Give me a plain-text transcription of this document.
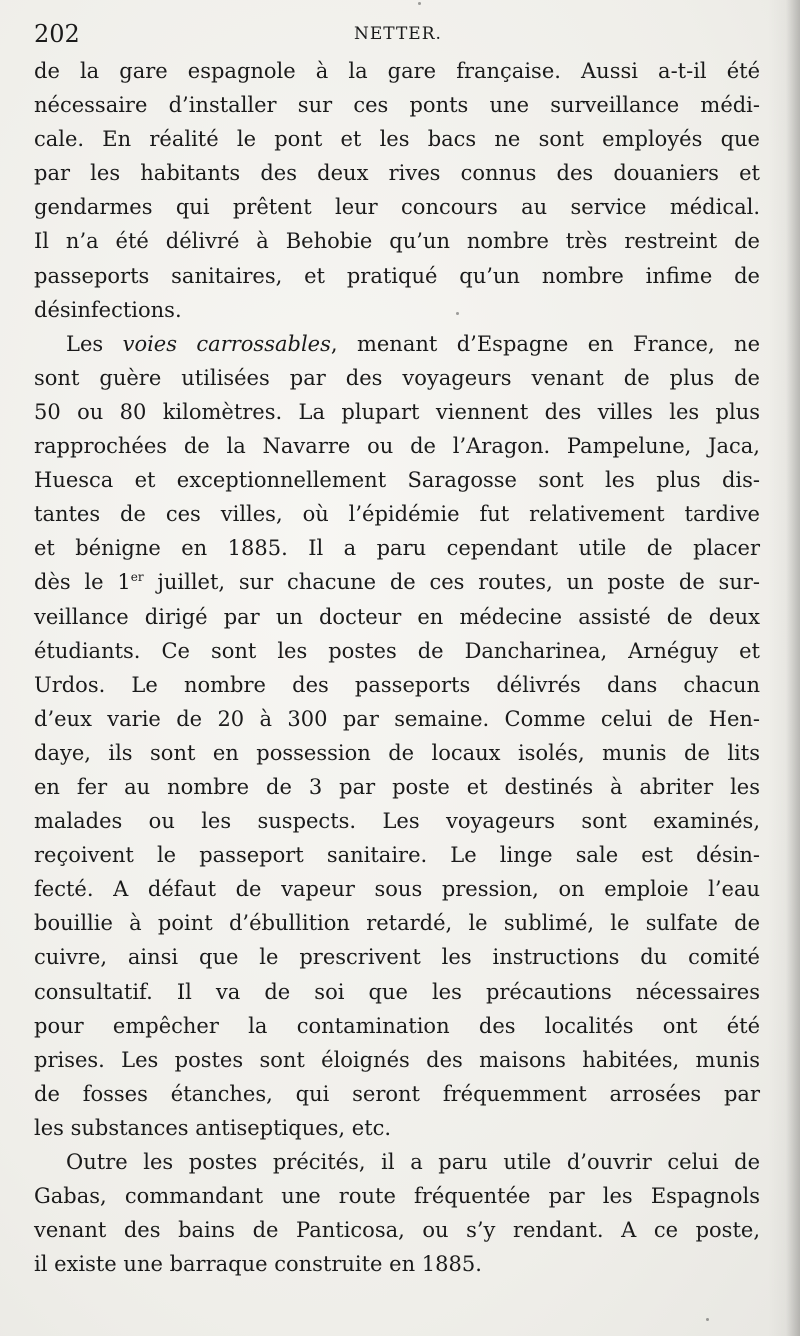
202	NETTER.
de la gare espagnole à la gare française. Aussi a-t-il été
nécessaire d’installer sur ces ponts une surveillance médi-
cale. En réalité le pont et les bacs ne sont employés que
par les habitants des deux rives connus des douaniers et
gendarmes qui prêtent leur concours au service médical.
Il n’a été délivré à Behobie qu’un nombre très restreint de
passeports sanitaires, et pratiqué qu’un nombre infime de
désinfections.
Les voies carrossables, menant d’Espagne en France, ne
sont guère utilisées par des voyageurs venant de plus de
50 ou 80 kilomètres. La plupart viennent des villes les plus
rapprochées de la Navarre ou de l’Aragon. Pampelune, Jaca,
Huesca et exceptionnellement Saragosse sont les plus dis-
tantes de ces villes, où l’épidémie fut relativement tardive
et bénigne en 1885. Il a paru cependant utile de placer
dès le 1er juillet, sur chacune de ces routes, un poste de sur-
veillance dirigé par un docteur en médecine assisté de deux
étudiants. Ce sont les postes de Dancharinea, Arnéguy et
Urdos. Le nombre des passeports délivrés dans chacun
d’eux varie de 20 à 300 par semaine. Comme celui de Hen-
daye, ils sont en possession de locaux isolés, munis de lits
en fer au nombre de 3 par poste et destinés à abriter les
malades ou les suspects. Les voyageurs sont examinés,
reçoivent le passeport sanitaire. Le linge sale est désin-
fecté. A défaut de vapeur sous pression, on emploie l’eau
bouillie à point d’ébullition retardé, le sublimé, le sulfate de
cuivre, ainsi que le prescrivent les instructions du comité
consultatif. Il va de soi que les précautions nécessaires
pour empêcher la contamination des localités ont été
prises. Les postes sont éloignés des maisons habitées, munis
de fosses étanches, qui seront fréquemment arrosées par
les substances antiseptiques, etc.
Outre les postes précités, il a paru utile d’ouvrir celui de
Gabas, commandant une route fréquentée par les Espagnols
venant des bains de Panticosa, ou s’y rendant. A ce poste,
il existe une barraque construite en 1885.
